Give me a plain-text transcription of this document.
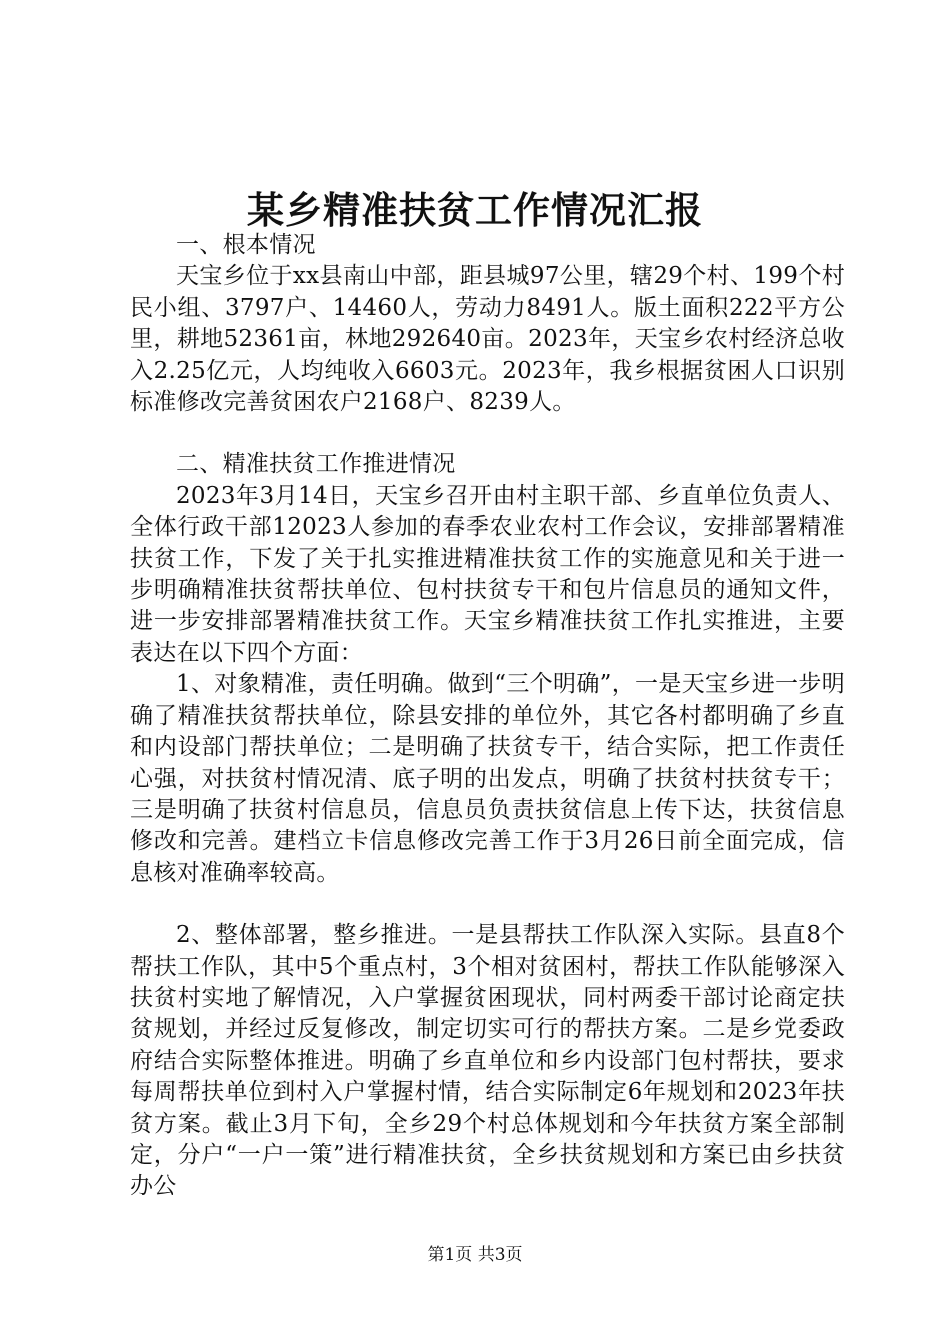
某乡精准扶贫工作情况汇报

一、根本情况

天宝乡位于xx县南山中部，距县城97公里，辖29个村、199个村民小组、3797户、14460人，劳动力8491人。版土面积222平方公里，耕地52361亩，林地292640亩。2023年，天宝乡农村经济总收入2.25亿元，人均纯收入6603元。2023年，我乡根据贫困人口识别标准修改完善贫困农户2168户、8239人。

二、精准扶贫工作推进情况

2023年3月14日，天宝乡召开由村主职干部、乡直单位负责人、全体行政干部12023人参加的春季农业农村工作会议，安排部署精准扶贫工作，下发了关于扎实推进精准扶贫工作的实施意见和关于进一步明确精准扶贫帮扶单位、包村扶贫专干和包片信息员的通知文件，进一步安排部署精准扶贫工作。天宝乡精准扶贫工作扎实推进，主要表达在以下四个方面：

1、对象精准，责任明确。做到“三个明确”，一是天宝乡进一步明确了精准扶贫帮扶单位，除县安排的单位外，其它各村都明确了乡直和内设部门帮扶单位；二是明确了扶贫专干，结合实际，把工作责任心强，对扶贫村情况清、底子明的出发点，明确了扶贫村扶贫专干；三是明确了扶贫村信息员，信息员负责扶贫信息上传下达，扶贫信息修改和完善。建档立卡信息修改完善工作于3月26日前全面完成，信息核对准确率较高。

2、整体部署，整乡推进。一是县帮扶工作队深入实际。县直8个帮扶工作队，其中5个重点村，3个相对贫困村，帮扶工作队能够深入扶贫村实地了解情况，入户掌握贫困现状，同村两委干部讨论商定扶贫规划，并经过反复修改，制定切实可行的帮扶方案。二是乡党委政府结合实际整体推进。明确了乡直单位和乡内设部门包村帮扶，要求每周帮扶单位到村入户掌握村情，结合实际制定6年规划和2023年扶贫方案。截止3月下旬，全乡29个村总体规划和今年扶贫方案全部制定，分户“一户一策”进行精准扶贫，全乡扶贫规划和方案已由乡扶贫办公

第1页 共3页
